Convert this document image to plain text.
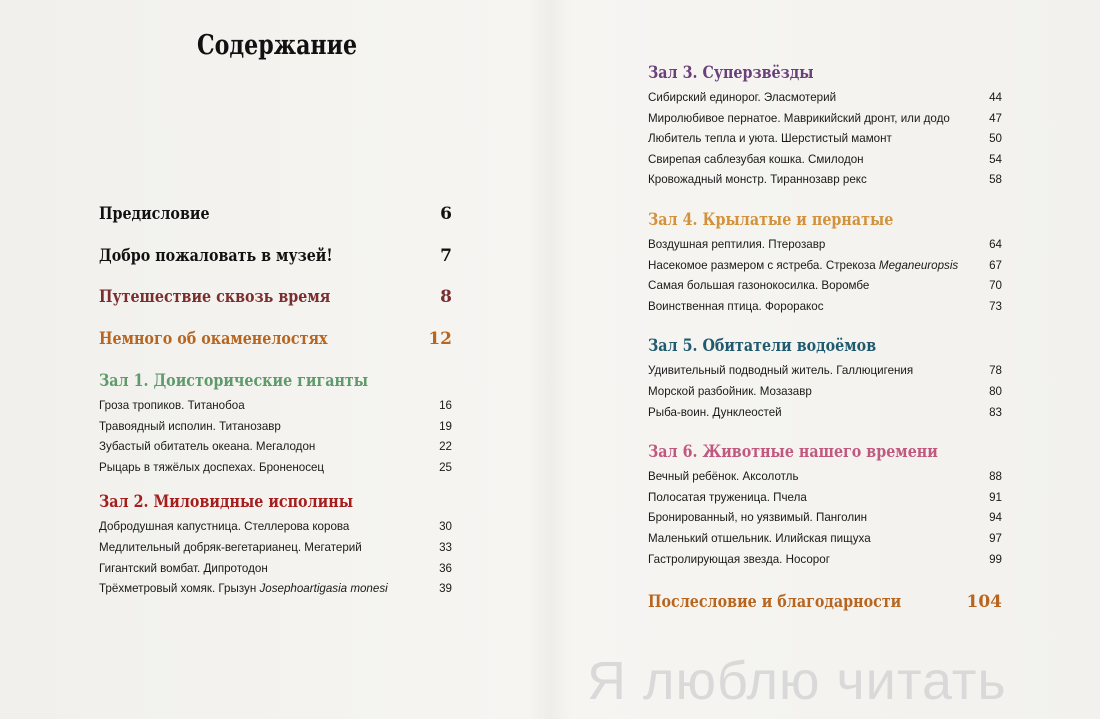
Содержание
Предисловие	6
Добро пожаловать в музей!	7
Путешествие сквозь время	8
Немного об окаменелостях	12
Зал 1. Доисторические гиганты
Гроза тропиков. Титанобоа	16
Травоядный исполин. Титанозавр	19
Зубастый обитатель океана. Мегалодон	22
Рыцарь в тяжёлых доспехах. Броненосец	25
Зал 2. Миловидные исполины
Добродушная капустница. Стеллерова корова	30
Медлительный добряк-вегетарианец. Мегатерий	33
Гигантский вомбат. Дипротодон	36
Трёхметровый хомяк. Грызун Josephoartigasia monesi	39
Зал 3. Суперзвёзды
Сибирский единорог. Эласмотерий	44
Миролюбивое пернатое. Маврикийский дронт, или додо	47
Любитель тепла и уюта. Шерстистый мамонт	50
Свирепая саблезубая кошка. Смилодон	54
Кровожадный монстр. Тираннозавр рекс	58
Зал 4. Крылатые и пернатые
Воздушная рептилия. Птерозавр	64
Насекомое размером с ястреба. Стрекоза Meganeuropsis	67
Самая большая газонокосилка. Воромбе	70
Воинственная птица. Фороракос	73
Зал 5. Обитатели водоёмов
Удивительный подводный житель. Галлюцигения	78
Морской разбойник. Мозазавр	80
Рыба-воин. Дунклеостей	83
Зал 6. Животные нашего времени
Вечный ребёнок. Аксолотль	88
Полосатая труженица. Пчела	91
Бронированный, но уязвимый. Панголин	94
Маленький отшельник. Илийская пищуха	97
Гастролирующая звезда. Носорог	99
Послесловие и благодарности	104
Я люблю читать
